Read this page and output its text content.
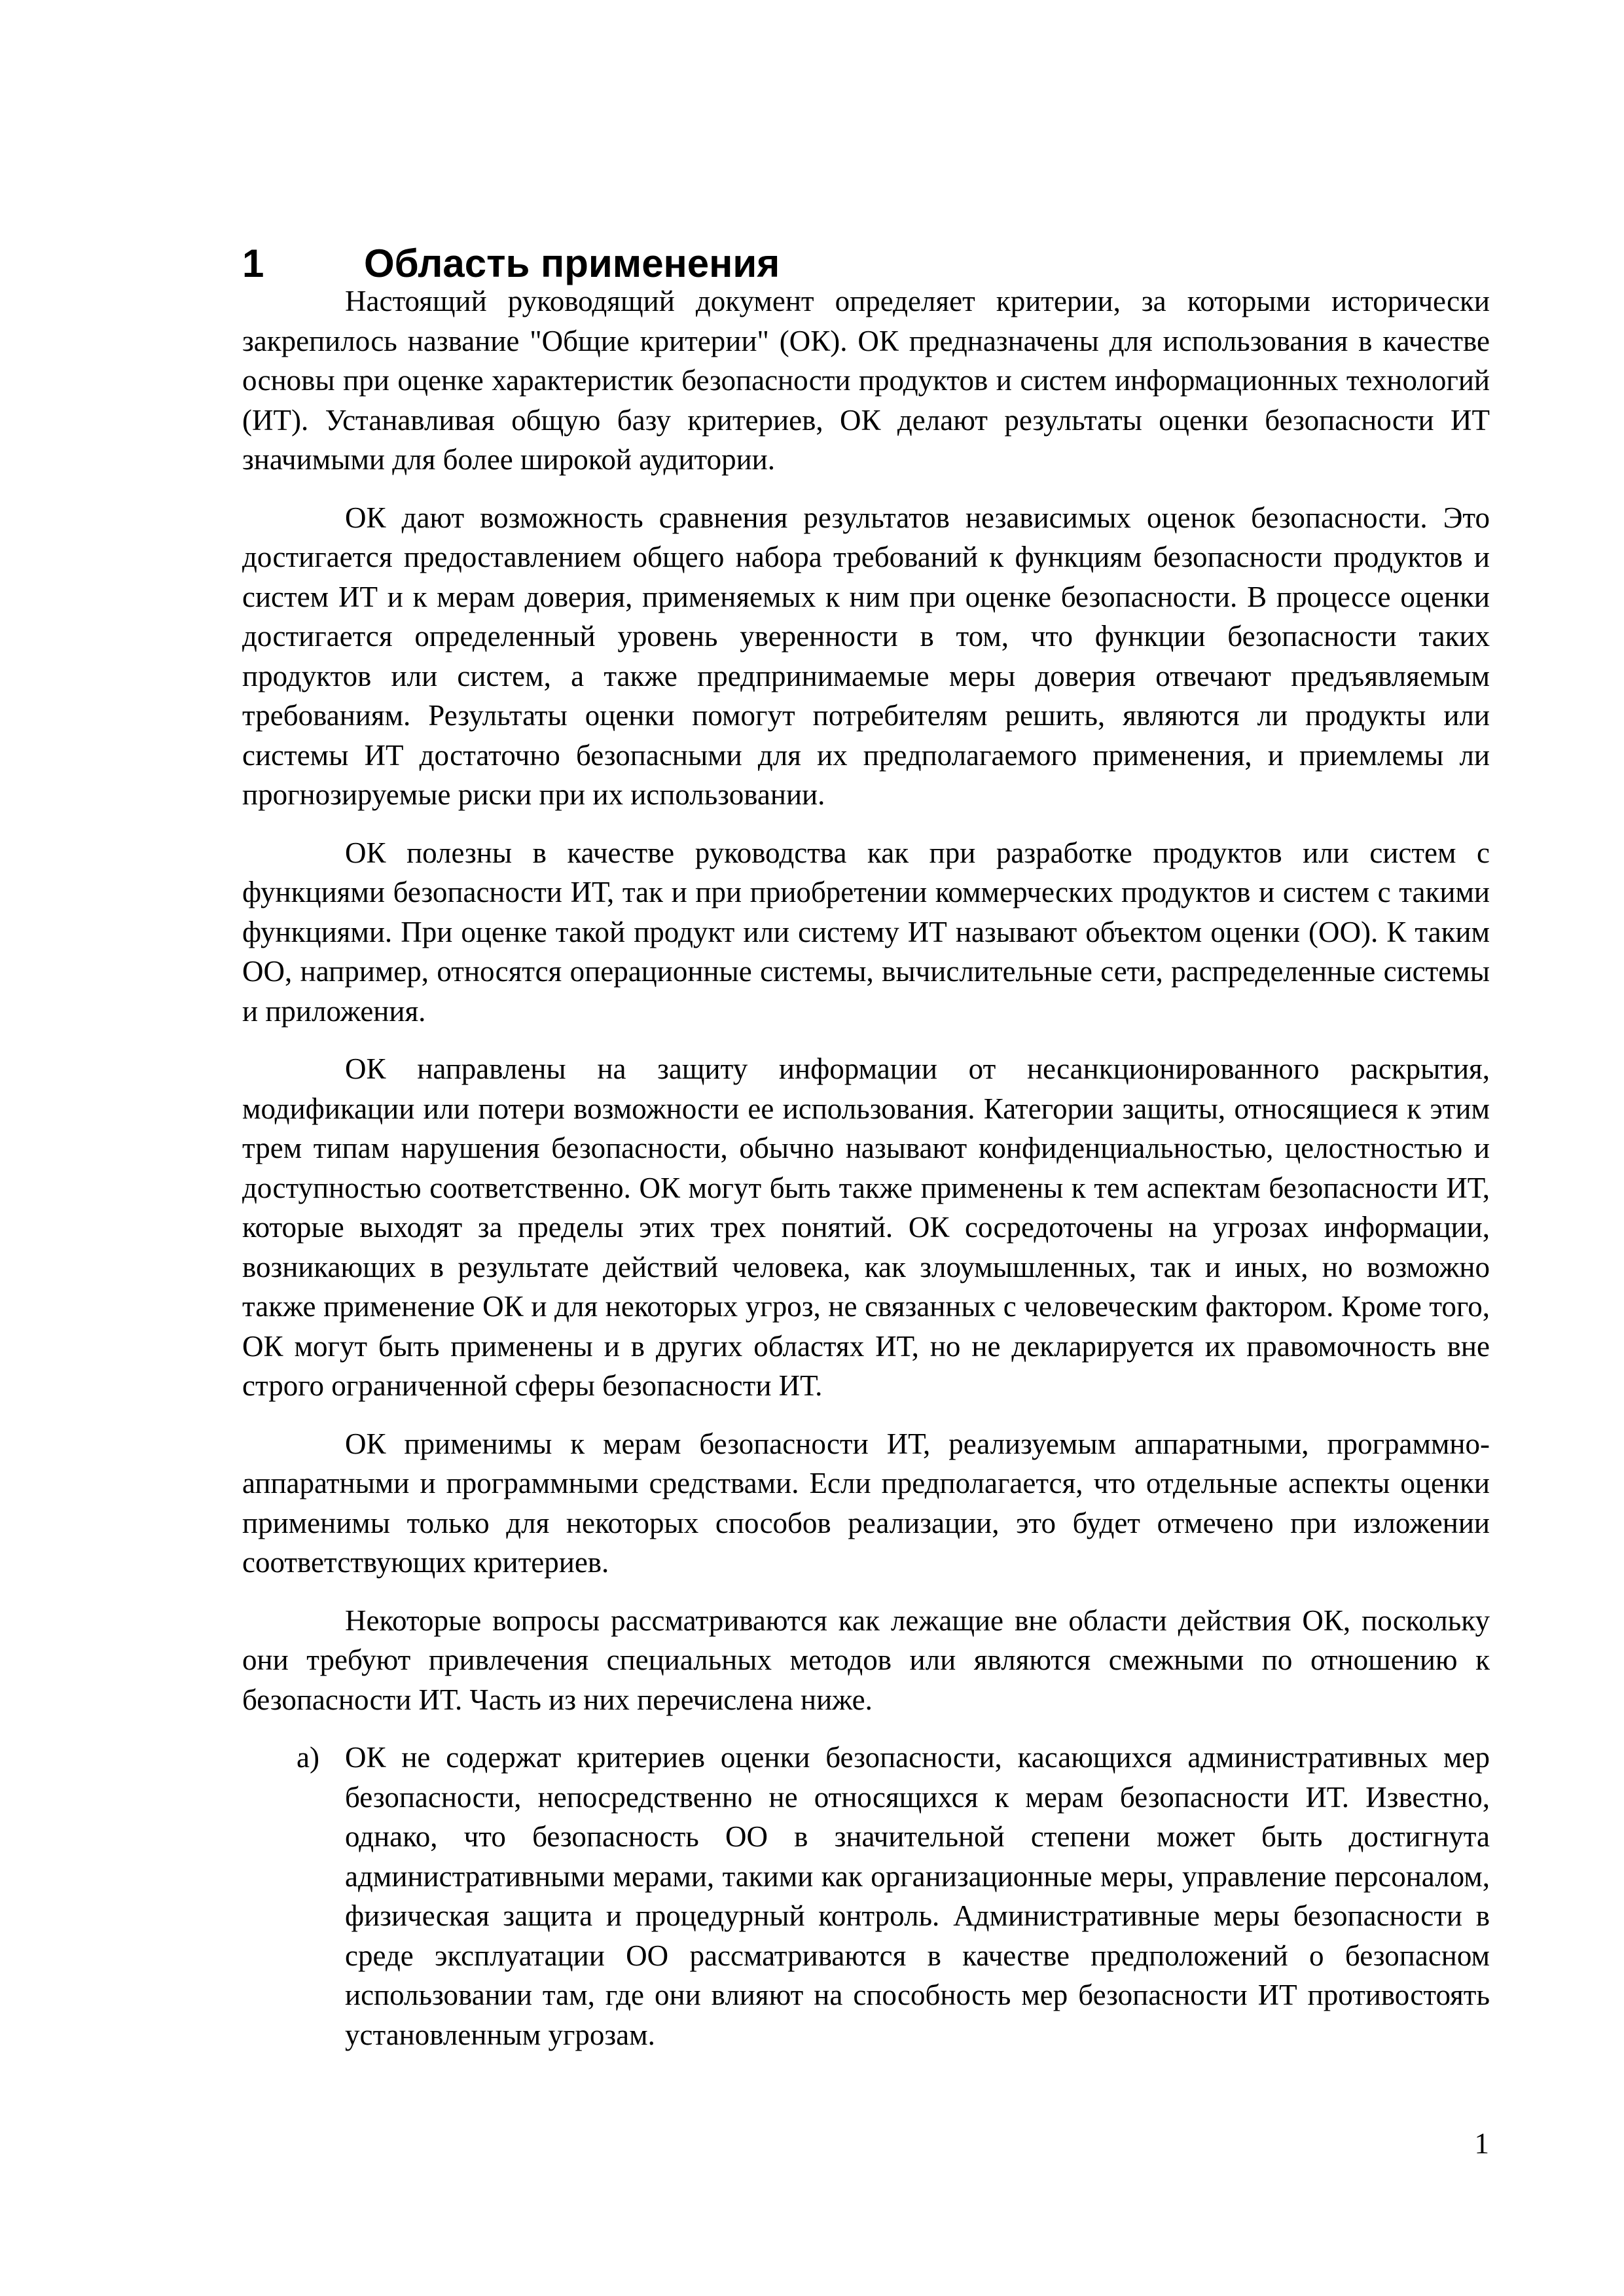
1	Область применения

Настоящий руководящий документ определяет критерии, за которыми исторически закрепилось название "Общие критерии" (ОК). ОК предназначены для использования в качестве основы при оценке характеристик безопасности продуктов и систем информационных технологий (ИТ). Устанавливая общую базу критериев, ОК делают результаты оценки безопасности ИТ значимыми для более широкой аудитории.

ОК дают возможность сравнения результатов независимых оценок безопасности. Это достигается предоставлением общего набора требований к функциям безопасности продуктов и систем ИТ и к мерам доверия, применяемых к ним при оценке безопасности. В процессе оценки достигается определенный уровень уверенности в том, что функции безопасности таких продуктов или систем, а также предпринимаемые меры доверия отвечают предъявляемым требованиям. Результаты оценки помогут потребителям решить, являются ли продукты или системы ИТ достаточно безопасными для их предполагаемого применения, и приемлемы ли прогнозируемые риски при их использовании.

ОК полезны в качестве руководства как при разработке продуктов или систем с функциями безопасности ИТ, так и при приобретении коммерческих продуктов и систем с такими функциями. При оценке такой продукт или систему ИТ называют объектом оценки (ОО). К таким ОО, например, относятся операционные системы, вычислительные сети, распределенные системы и приложения.

ОК направлены на защиту информации от несанкционированного раскрытия, модификации или потери возможности ее использования. Категории защиты, относящиеся к этим трем типам нарушения безопасности, обычно называют конфиденциальностью, целостностью и доступностью соответственно. ОК могут быть также применены к тем аспектам безопасности ИТ, которые выходят за пределы этих трех понятий. ОК сосредоточены на угрозах информации, возникающих в результате действий человека, как злоумышленных, так и иных, но возможно также применение ОК и для некоторых угроз, не связанных с человеческим фактором. Кроме того, ОК могут быть применены и в других областях ИТ, но не декларируется их правомочность вне строго ограниченной сферы безопасности ИТ.

ОК применимы к мерам безопасности ИТ, реализуемым аппаратными, программно-аппаратными и программными средствами. Если предполагается, что отдельные аспекты оценки применимы только для некоторых способов реализации, это будет отмечено при изложении соответствующих критериев.

Некоторые вопросы рассматриваются как лежащие вне области действия ОК, поскольку они требуют привлечения специальных методов или являются смежными по отношению к безопасности ИТ. Часть из них перечислена ниже.

a) ОК не содержат критериев оценки безопасности, касающихся административных мер безопасности, непосредственно не относящихся к мерам безопасности ИТ. Известно, однако, что безопасность ОО в значительной степени может быть достигнута административными мерами, такими как организационные меры, управление персоналом, физическая защита и процедурный контроль. Административные меры безопасности в среде эксплуатации ОО рассматриваются в качестве предположений о безопасном использовании там, где они влияют на способность мер безопасности ИТ противостоять установленным угрозам.
1
